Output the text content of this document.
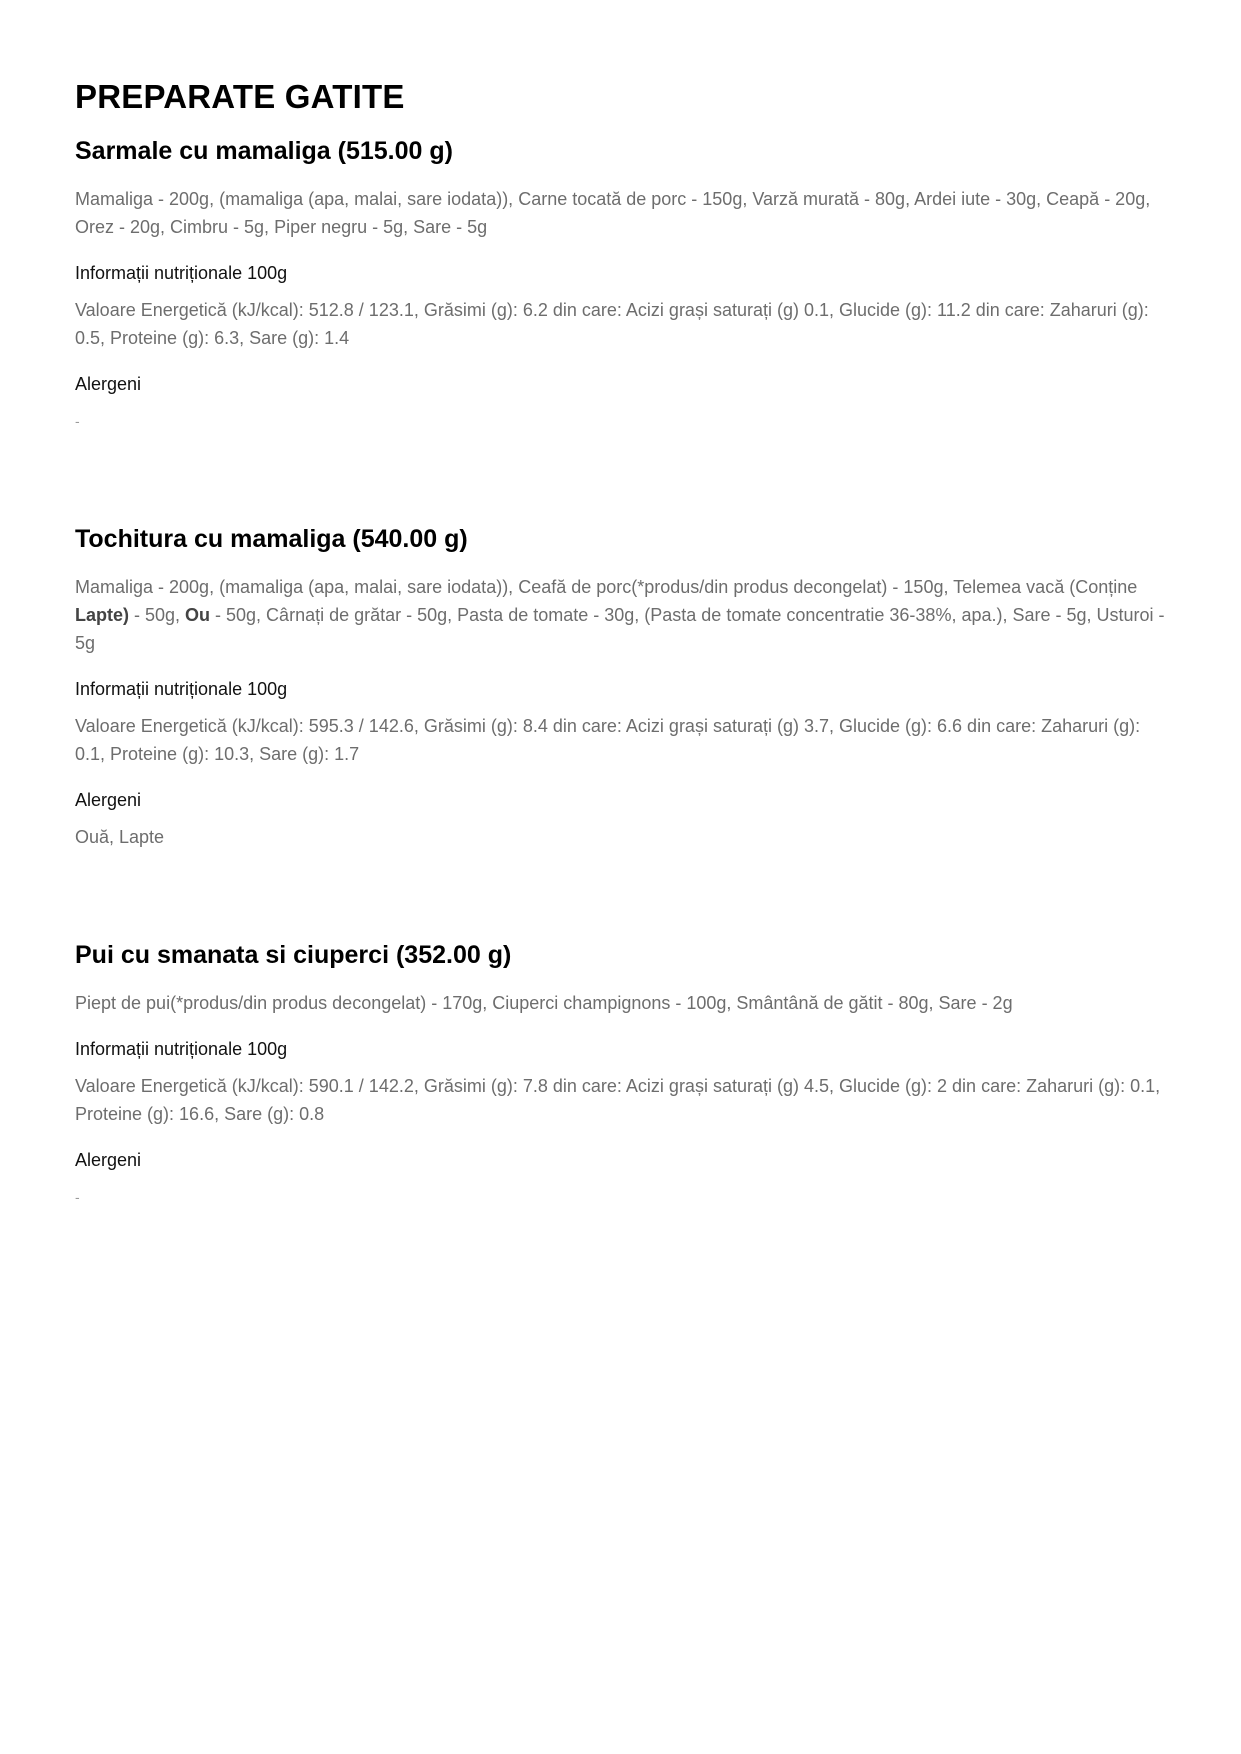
PREPARATE GATITE
Sarmale cu mamaliga (515.00 g)

Mamaliga - 200g, (mamaliga (apa, malai, sare iodata)), Carne tocată de porc - 150g, Varză murată - 80g, Ardei iute - 30g, Ceapă - 20g, Orez - 20g, Cimbru - 5g, Piper negru - 5g, Sare - 5g

Informații nutriționale 100g

Valoare Energetică (kJ/kcal): 512.8 / 123.1, Grăsimi (g): 6.2 din care: Acizi grași saturați (g) 0.1, Glucide (g): 11.2 din care: Zaharuri (g): 0.5, Proteine (g): 6.3, Sare (g): 1.4

Alergeni

-

Tochitura cu mamaliga (540.00 g)

Mamaliga - 200g, (mamaliga (apa, malai, sare iodata)), Ceafă de porc(*produs/din produs decongelat) - 150g, Telemea vacă (Conține Lapte) - 50g, Ou - 50g, Cârnați de grătar - 50g, Pasta de tomate - 30g, (Pasta de tomate concentratie 36-38%, apa.), Sare - 5g, Usturoi - 5g

Informații nutriționale 100g

Valoare Energetică (kJ/kcal): 595.3 / 142.6, Grăsimi (g): 8.4 din care: Acizi grași saturați (g) 3.7, Glucide (g): 6.6 din care: Zaharuri (g): 0.1, Proteine (g): 10.3, Sare (g): 1.7

Alergeni

Ouă, Lapte

Pui cu smanata si ciuperci (352.00 g)

Piept de pui(*produs/din produs decongelat) - 170g, Ciuperci champignons - 100g, Smântână de gătit - 80g, Sare - 2g

Informații nutriționale 100g

Valoare Energetică (kJ/kcal): 590.1 / 142.2, Grăsimi (g): 7.8 din care: Acizi grași saturați (g) 4.5, Glucide (g): 2 din care: Zaharuri (g): 0.1, Proteine (g): 16.6, Sare (g): 0.8

Alergeni

-
